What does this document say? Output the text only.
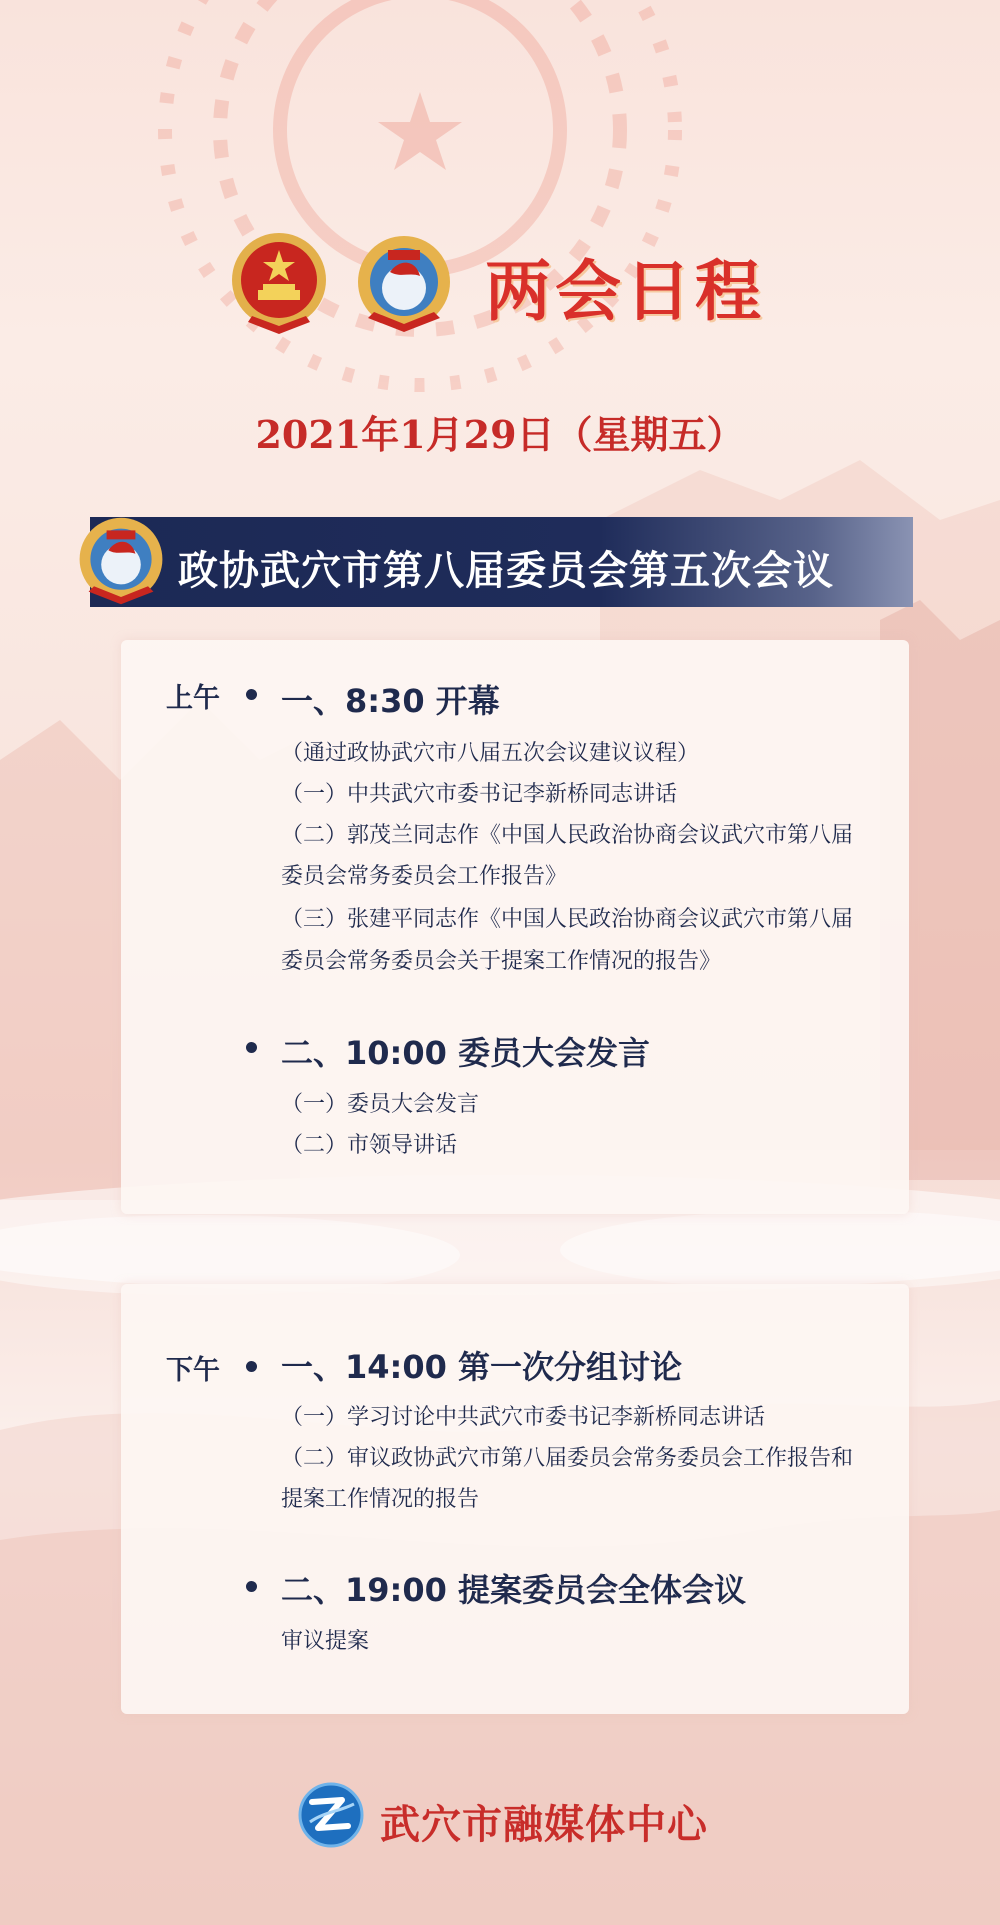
两会日程
2021年1月29日（星期五）
政协武穴市第八届委员会第五次会议
上午 一、8:30 开幕
（通过政协武穴市八届五次会议建议议程）
（一）中共武穴市委书记李新桥同志讲话
（二）郭茂兰同志作《中国人民政治协商会议武穴市第八届
委员会常务委员会工作报告》
（三）张建平同志作《中国人民政治协商会议武穴市第八届
委员会常务委员会关于提案工作情况的报告》
二、10:00 委员大会发言
（一）委员大会发言
（二）市领导讲话
下午 一、14:00 第一次分组讨论
（一）学习讨论中共武穴市委书记李新桥同志讲话
（二）审议政协武穴市第八届委员会常务委员会工作报告和
提案工作情况的报告
二、19:00 提案委员会全体会议
审议提案
武穴市融媒体中心
